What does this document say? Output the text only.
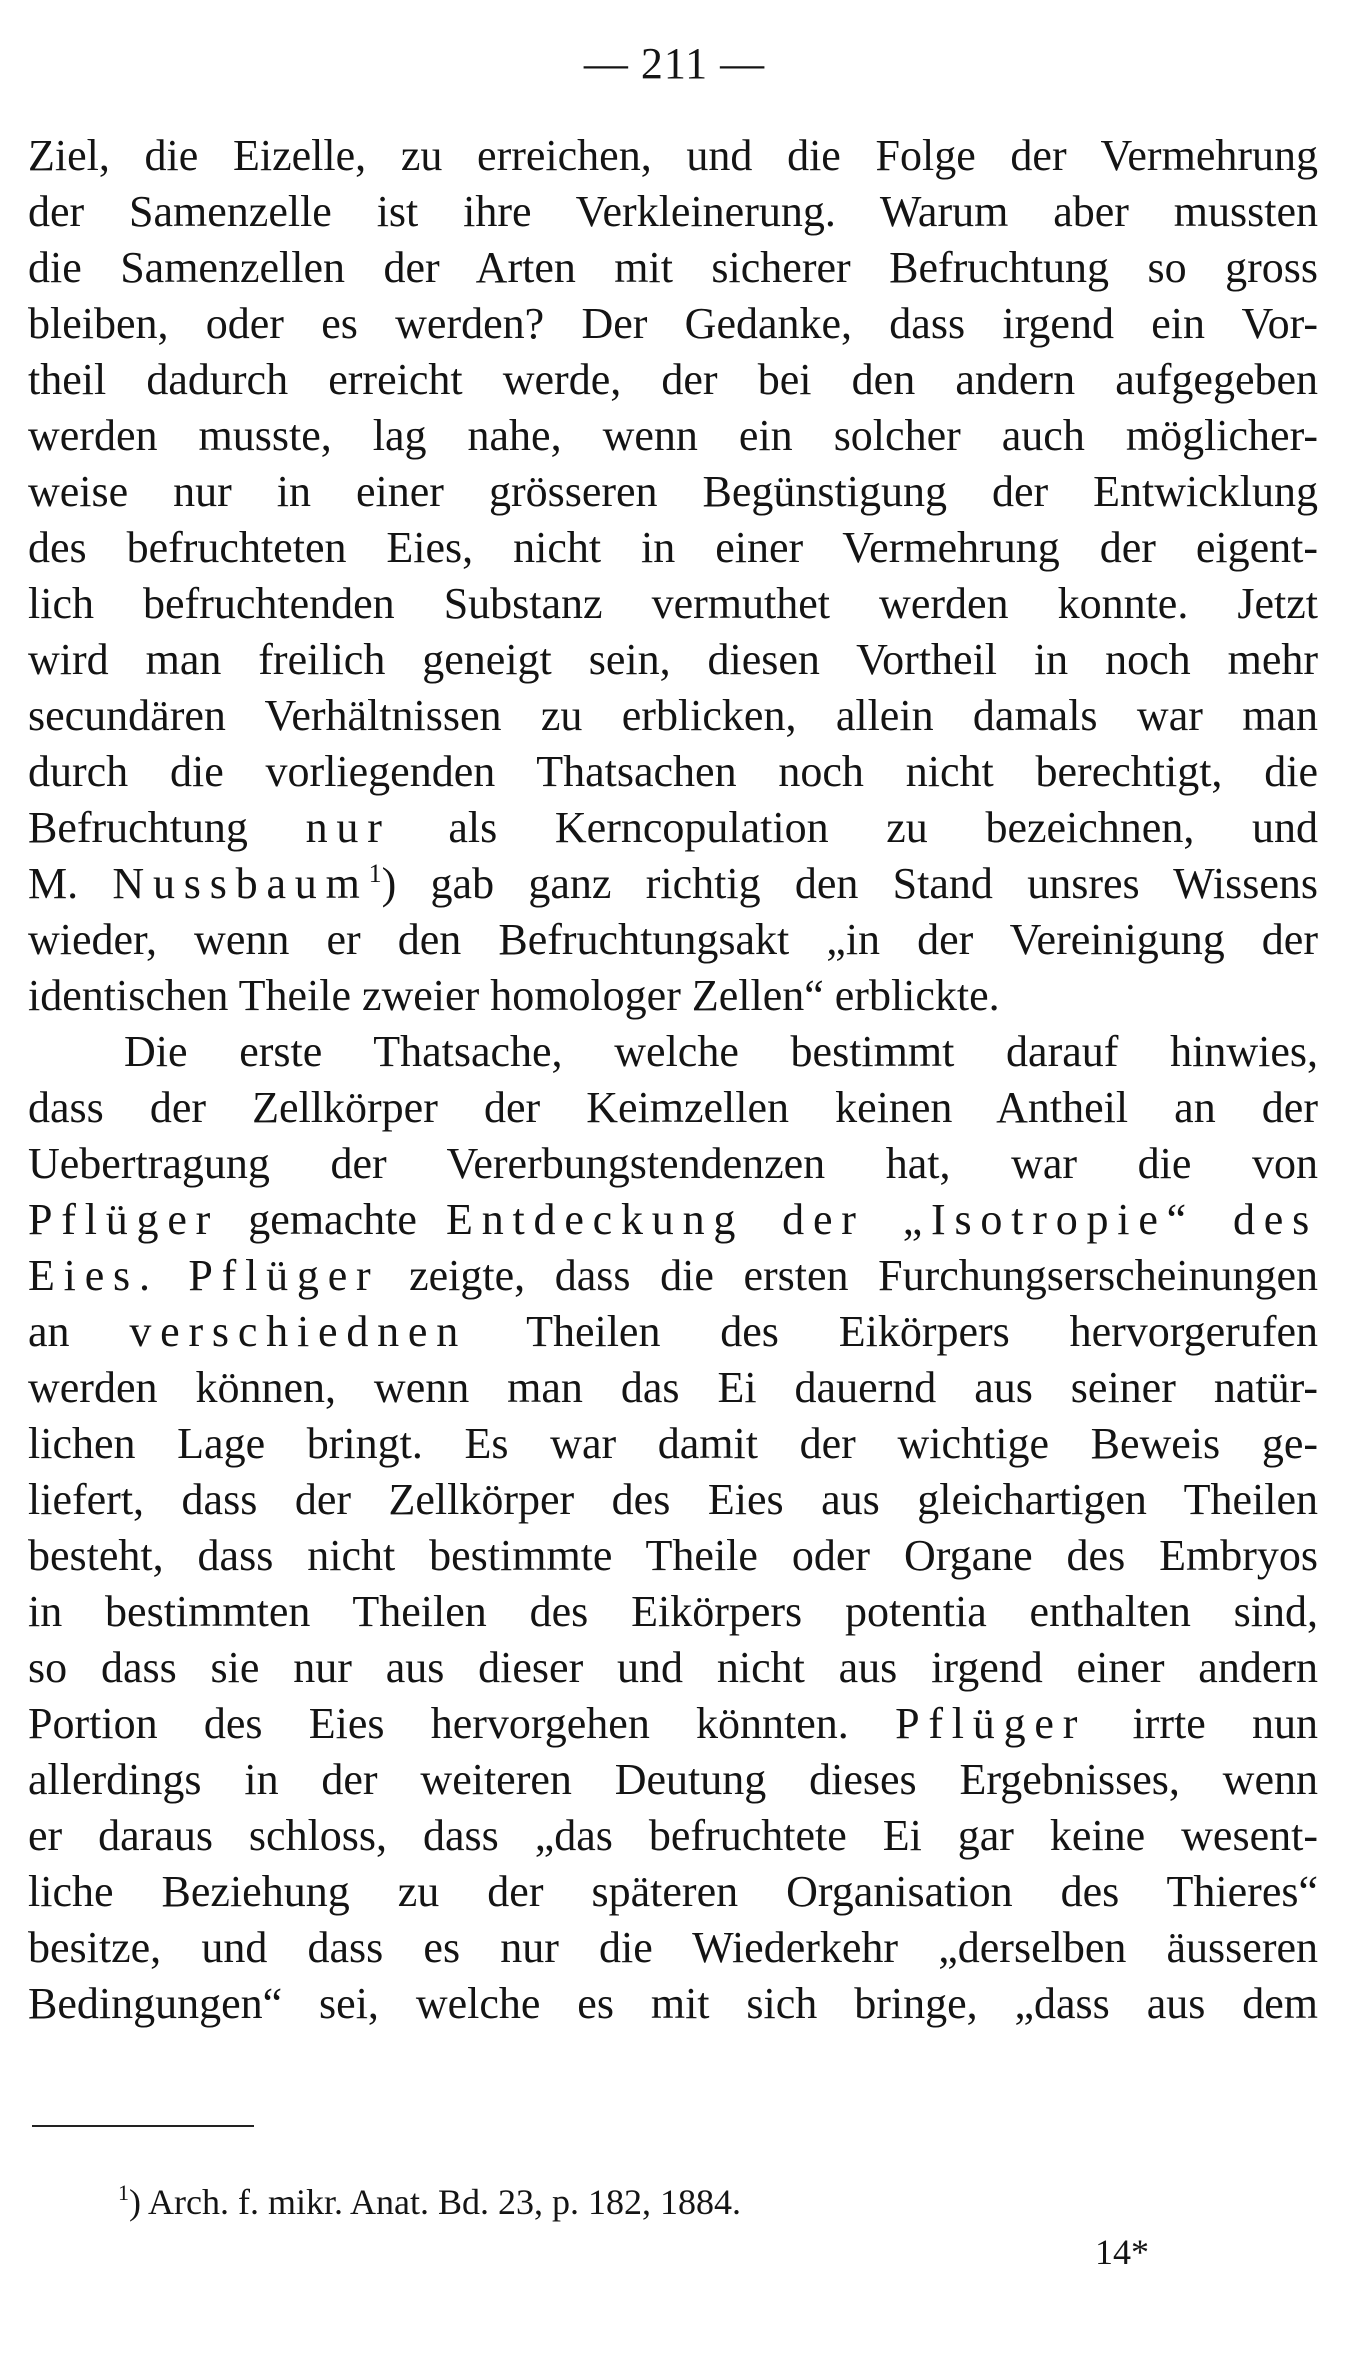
— 211 —
Ziel, die Eizelle, zu erreichen, und die Folge der Vermehrung
der Samenzelle ist ihre Verkleinerung. Warum aber mussten
die Samenzellen der Arten mit sicherer Befruchtung so gross
bleiben, oder es werden? Der Gedanke, dass irgend ein Vor-
theil dadurch erreicht werde, der bei den andern aufgegeben
werden musste, lag nahe, wenn ein solcher auch möglicher-
weise nur in einer grösseren Begünstigung der Entwicklung
des befruchteten Eies, nicht in einer Vermehrung der eigent-
lich befruchtenden Substanz vermuthet werden konnte. Jetzt
wird man freilich geneigt sein, diesen Vortheil in noch mehr
secundären Verhältnissen zu erblicken, allein damals war man
durch die vorliegenden Thatsachen noch nicht berechtigt, die
Befruchtung nur als Kerncopulation zu bezeichnen, und
M. Nussbaum$^1$) gab ganz richtig den Stand unsres Wissens
wieder, wenn er den Befruchtungsakt „in der Vereinigung der
identischen Theile zweier homologer Zellen“ erblickte.
Die erste Thatsache, welche bestimmt darauf hinwies,
dass der Zellkörper der Keimzellen keinen Antheil an der
Uebertragung der Vererbungstendenzen hat, war die von
Pflüger gemachte Entdeckung der „Isotropie“ des
Eies. Pflüger zeigte, dass die ersten Furchungserscheinungen
an verschiednen Theilen des Eikörpers hervorgerufen
werden können, wenn man das Ei dauernd aus seiner natür-
lichen Lage bringt. Es war damit der wichtige Beweis ge-
liefert, dass der Zellkörper des Eies aus gleichartigen Theilen
besteht, dass nicht bestimmte Theile oder Organe des Embryos
in bestimmten Theilen des Eikörpers potentia enthalten sind,
so dass sie nur aus dieser und nicht aus irgend einer andern
Portion des Eies hervorgehen könnten. Pflüger irrte nun
allerdings in der weiteren Deutung dieses Ergebnisses, wenn
er daraus schloss, dass „das befruchtete Ei gar keine wesent-
liche Beziehung zu der späteren Organisation des Thieres“
besitze, und dass es nur die Wiederkehr „derselben äusseren
Bedingungen“ sei, welche es mit sich bringe, „dass aus dem
$^1$) Arch. f. mikr. Anat. Bd. 23, p. 182, 1884.
14*
